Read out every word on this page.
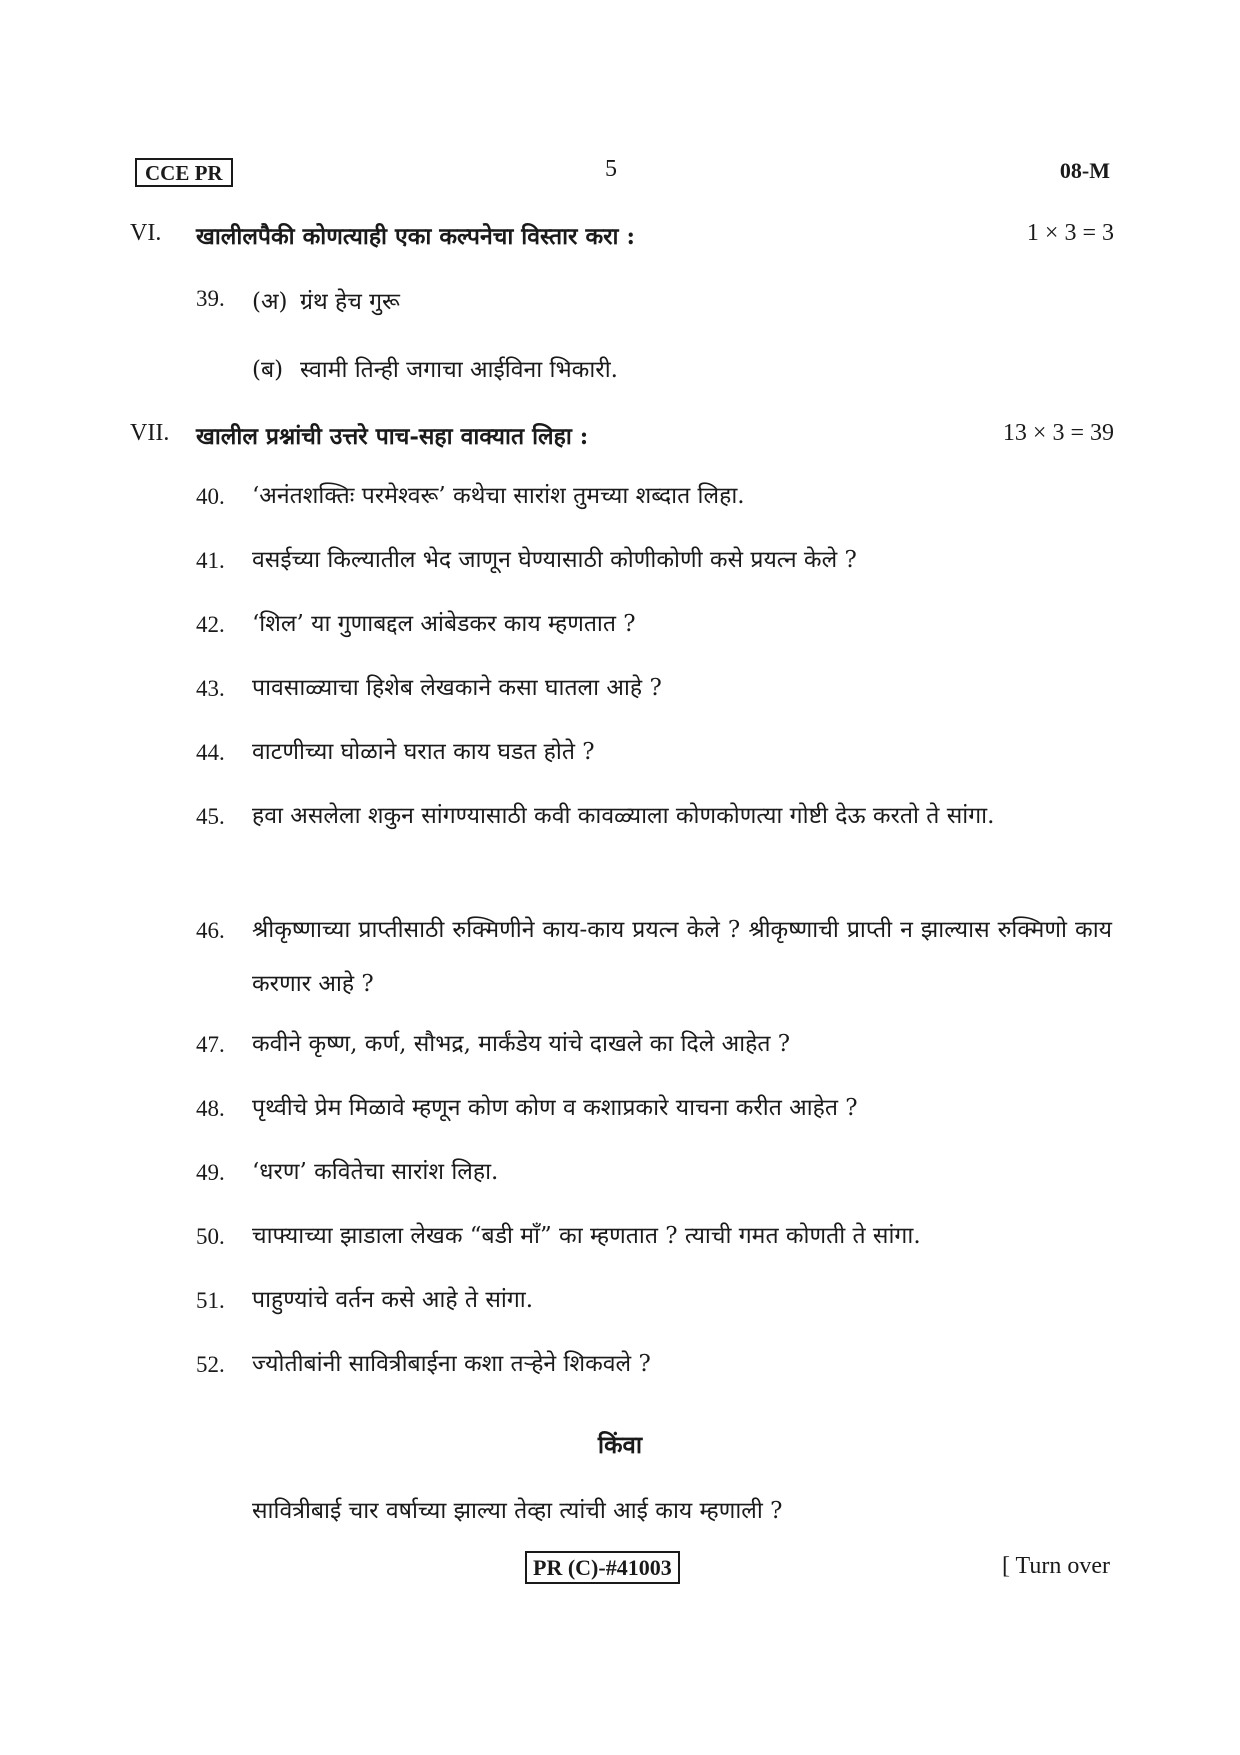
CCE PR	5	08-M
VI. खालीलपैकी कोणत्याही एका कल्पनेचा विस्तार करा :	1 × 3 = 3
39. (अ) ग्रंथ हेच गुरू
(ब) स्वामी तिन्ही जगाचा आईविना भिकारी.
VII. खालील प्रश्नांची उत्तरे पाच-सहा वाक्यात लिहा :	13 × 3 = 39
40. ‘अनंतशक्तिः परमेश्वरू’ कथेचा सारांश तुमच्या शब्दात लिहा.
41. वसईच्या किल्यातील भेद जाणून घेण्यासाठी कोणीकोणी कसे प्रयत्न केले ?
42. ‘शिल’ या गुणाबद्दल आंबेडकर काय म्हणतात ?
43. पावसाळ्याचा हिशेब लेखकाने कसा घातला आहे ?
44. वाटणीच्या घोळाने घरात काय घडत होते ?
45. हवा असलेला शकुन सांगण्यासाठी कवी कावळ्याला कोणकोणत्या गोष्टी देऊ करतो ते सांगा.
46. श्रीकृष्णाच्या प्राप्तीसाठी रुक्मिणीने काय-काय प्रयत्न केले ? श्रीकृष्णाची प्राप्ती न झाल्यास रुक्मिणो काय करणार आहे ?
47. कवीने कृष्ण, कर्ण, सौभद्र, मार्कंडेय यांचे दाखले का दिले आहेत ?
48. पृथ्वीचे प्रेम मिळावे म्हणून कोण कोण व कशाप्रकारे याचना करीत आहेत ?
49. ‘धरण’ कवितेचा सारांश लिहा.
50. चाफ्याच्या झाडाला लेखक “बडी माँ” का म्हणतात ? त्याची गमत कोणती ते सांगा.
51. पाहुण्यांचे वर्तन कसे आहे ते सांगा.
52. ज्योतीबांनी सावित्रीबाईना कशा तऱ्हेने शिकवले ?
किंवा
सावित्रीबाई चार वर्षाच्या झाल्या तेव्हा त्यांची आई काय म्हणाली ?
PR (C)-#41003	[ Turn over
